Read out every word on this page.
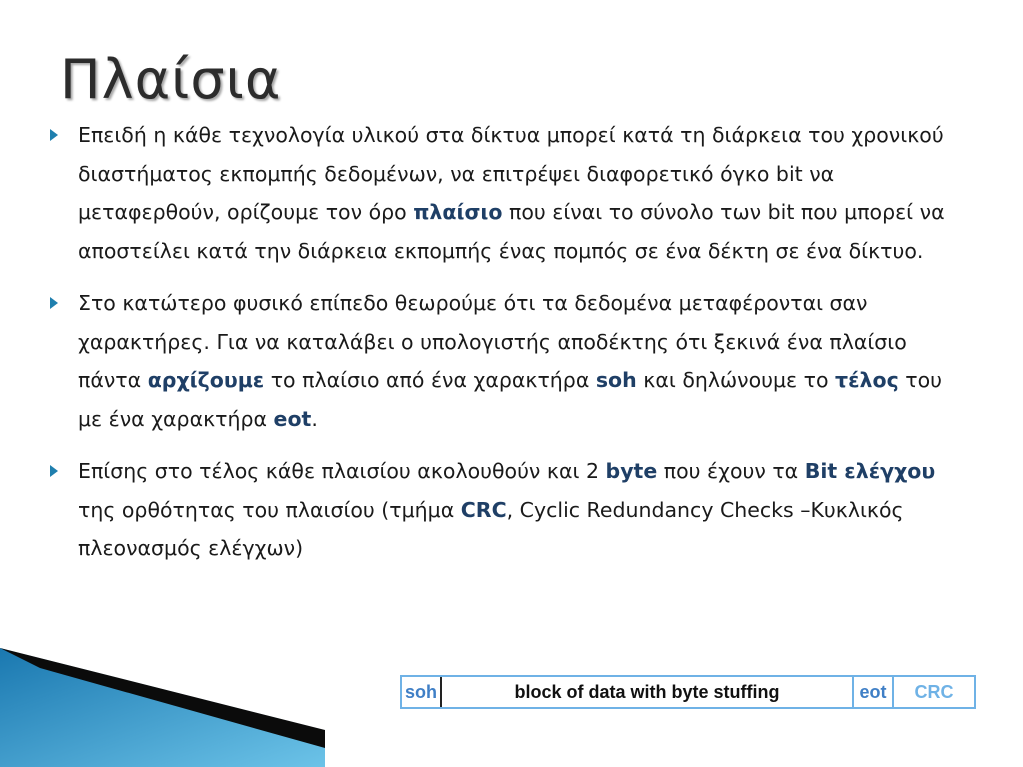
Πλαίσια
Επειδή η κάθε τεχνολογία υλικού στα δίκτυα μπορεί κατά τη διάρκεια του χρονικού διαστήματος εκπομπής δεδομένων, να επιτρέψει διαφορετικό όγκο bit να μεταφερθούν, ορίζουμε τον όρο πλαίσιο που είναι το σύνολο των bit που μπορεί να αποστείλει κατά την διάρκεια εκπομπής ένας πομπός σε ένα δέκτη σε ένα δίκτυο.
Στο κατώτερο φυσικό επίπεδο θεωρούμε ότι τα δεδομένα μεταφέρονται σαν χαρακτήρες. Για να καταλάβει ο υπολογιστής αποδέκτης ότι ξεκινά ένα πλαίσιο πάντα αρχίζουμε το πλαίσιο από ένα χαρακτήρα soh και δηλώνουμε το τέλος του με ένα χαρακτήρα eot.
Επίσης στο τέλος κάθε πλαισίου ακολουθούν και 2 byte που έχουν τα Bit ελέγχου της ορθότητας του πλαισίου (τμήμα CRC, Cyclic Redundancy Checks –Κυκλικός πλεονασμός ελέγχων)
soh	block of data with byte stuffing	eot	CRC
